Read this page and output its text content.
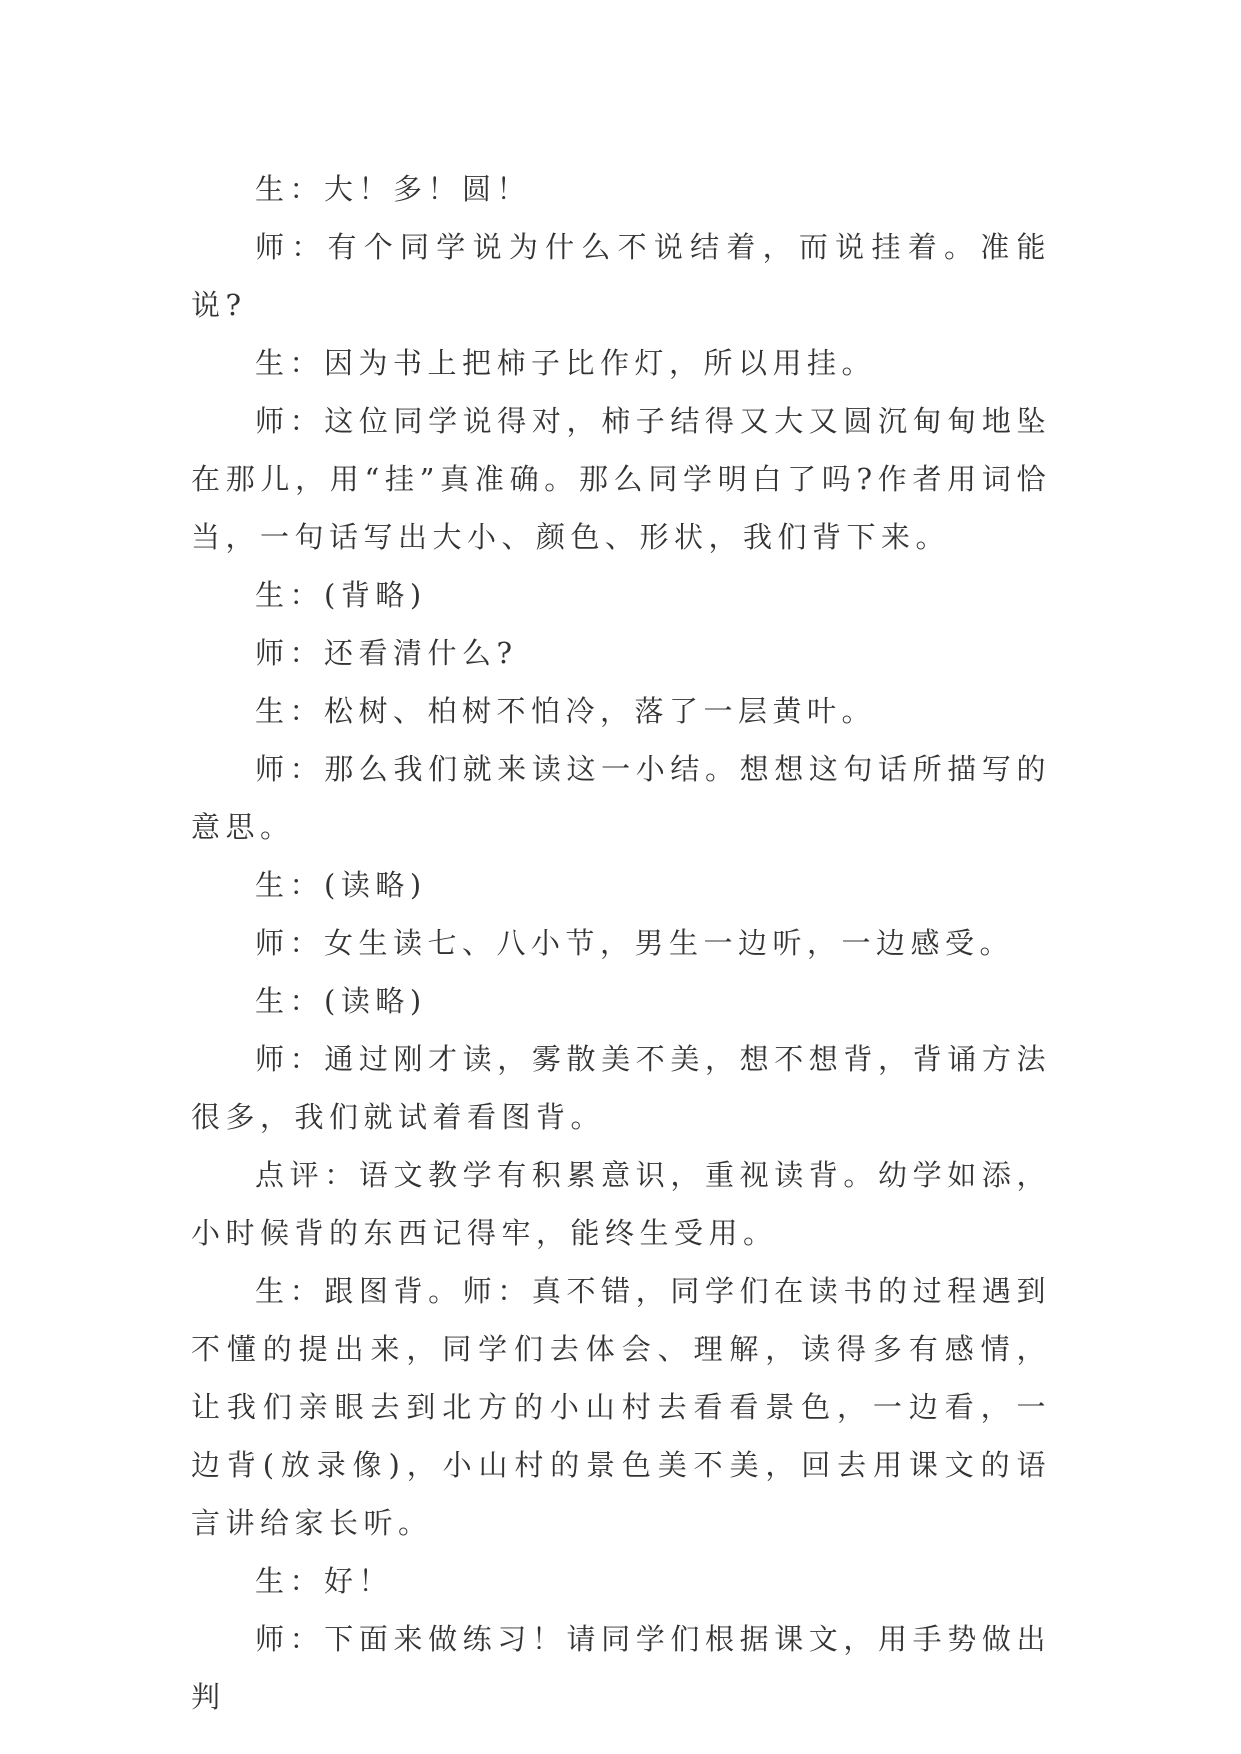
生：大！多！圆！

师：有个同学说为什么不说结着，而说挂着。准能说?

生：因为书上把柿子比作灯，所以用挂。

师：这位同学说得对，柿子结得又大又圆沉甸甸地坠在那儿，用“挂”真准确。那么同学明白了吗?作者用词恰当，一句话写出大小、颜色、形状，我们背下来。

生：(背略)

师：还看清什么?

生：松树、柏树不怕冷，落了一层黄叶。

师：那么我们就来读这一小结。想想这句话所描写的意思。

生：(读略)

师：女生读七、八小节，男生一边听，一边感受。

生：(读略)

师：通过刚才读，雾散美不美，想不想背，背诵方法很多，我们就试着看图背。

点评：语文教学有积累意识，重视读背。幼学如添，小时候背的东西记得牢，能终生受用。

生：跟图背。师：真不错，同学们在读书的过程遇到不懂的提出来，同学们去体会、理解，读得多有感情，让我们亲眼去到北方的小山村去看看景色，一边看，一边背(放录像)，小山村的景色美不美，回去用课文的语言讲给家长听。

生：好！

师：下面来做练习！请同学们根据课文，用手势做出判
